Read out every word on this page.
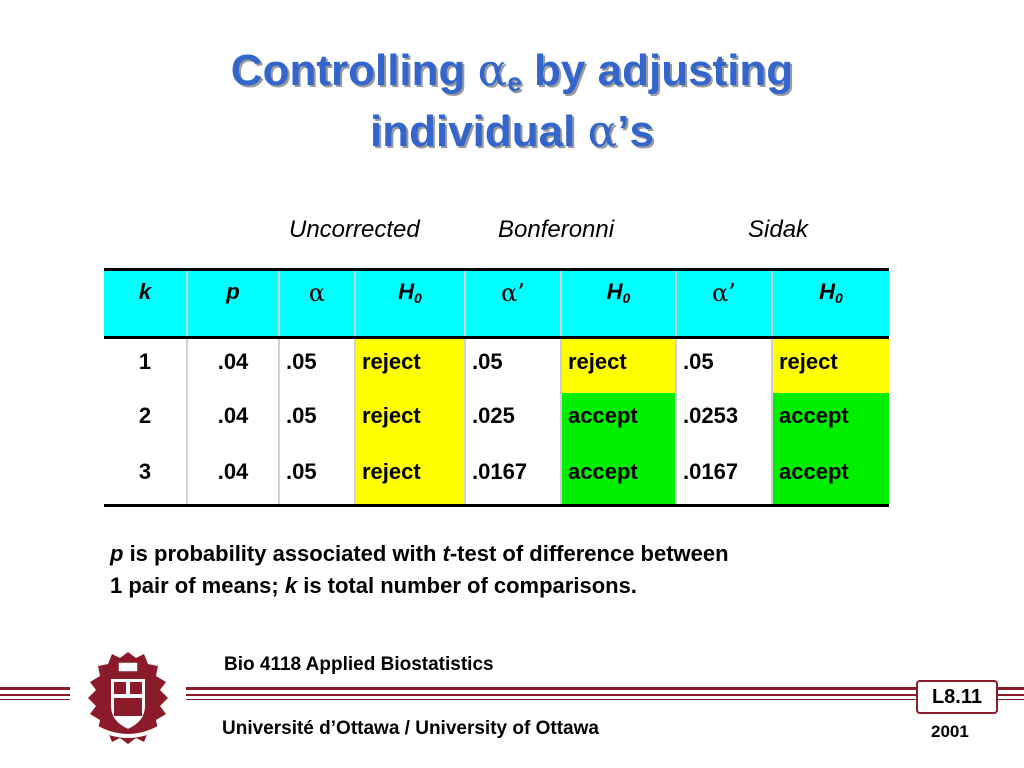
Controlling $\alpha_e$ by adjusting
individual α’s
Uncorrected	Bonferonni	Sidak
k	p	α	$H_0$	α’	$H_0$	α’	$H_0$

1	.04	.05	reject	.05	reject	.05	reject
2	.04	.05	reject	.025	accept	.0253	accept
3	.04	.05	reject	.0167	accept	.0167	accept
p is probability associated with t-test of difference between
1 pair of means; k is total number of comparisons.
Bio 4118 Applied Biostatistics
Université d’Ottawa / University of Ottawa
L8.11
2001
